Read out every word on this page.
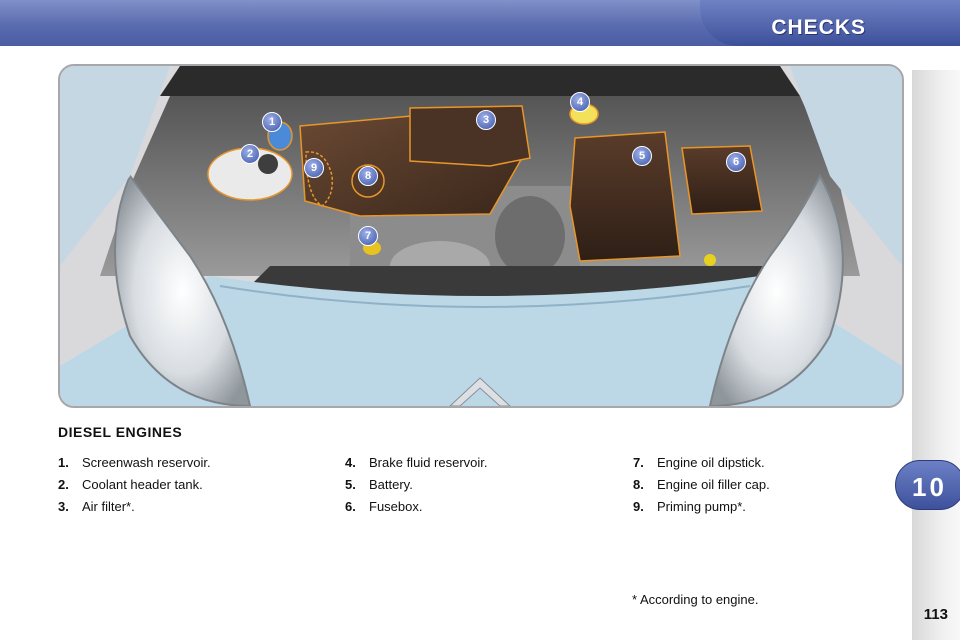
CHECKS
10
1
2
3
4
5	6
7
8
9
DIESEL ENGINES
1. Screenwash reservoir.
2. Coolant header tank.
3. Air filter*.
4. Brake fluid reservoir.
5. Battery.
6. Fusebox.
7. Engine oil dipstick.
8. Engine oil filler cap.
9. Priming pump*.
* According to engine.
113
